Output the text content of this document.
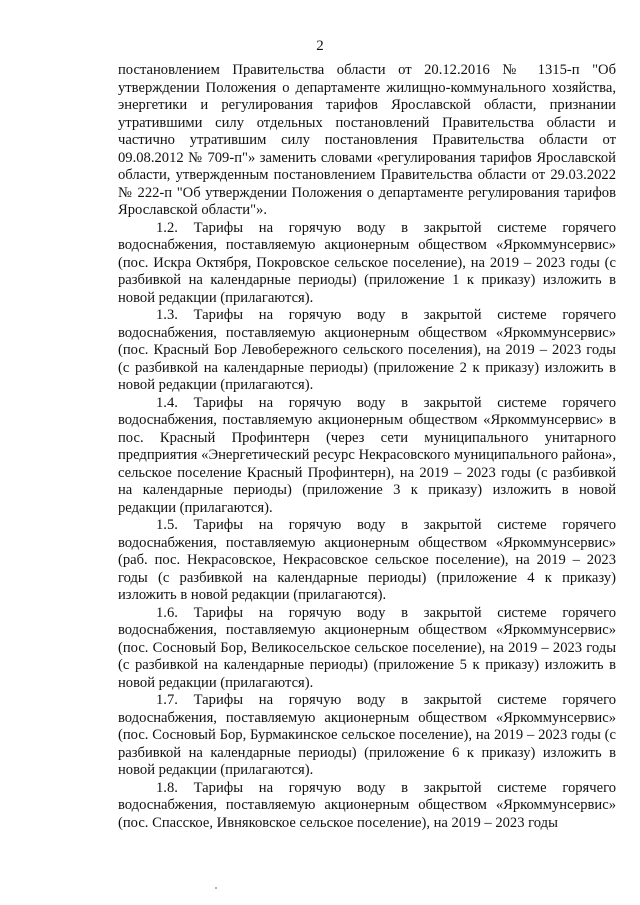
2

постановлением Правительства области от 20.12.2016 № 1315-п "Об утверждении Положения о департаменте жилищно-коммунального хозяйства, энергетики и регулирования тарифов Ярославской области, признании утратившими силу отдельных постановлений Правительства области и частично утратившим силу постановления Правительства области от 09.08.2012 № 709-п"» заменить словами «регулирования тарифов Ярославской области, утвержденным постановлением Правительства области от 29.03.2022 № 222-п "Об утверждении Положения о департаменте регулирования тарифов Ярославской области"».

1.2. Тарифы на горячую воду в закрытой системе горячего водоснабжения, поставляемую акционерным обществом «Яркоммунсервис» (пос. Искра Октября, Покровское сельское поселение), на 2019 – 2023 годы (с разбивкой на календарные периоды) (приложение 1 к приказу) изложить в новой редакции (прилагаются).

1.3. Тарифы на горячую воду в закрытой системе горячего водоснабжения, поставляемую акционерным обществом «Яркоммунсервис» (пос. Красный Бор Левобережного сельского поселения), на 2019 – 2023 годы (с разбивкой на календарные периоды) (приложение 2 к приказу) изложить в новой редакции (прилагаются).

1.4. Тарифы на горячую воду в закрытой системе горячего водоснабжения, поставляемую акционерным обществом «Яркоммунсервис» в пос. Красный Профинтерн (через сети муниципального унитарного предприятия «Энергетический ресурс Некрасовского муниципального района», сельское поселение Красный Профинтерн), на 2019 – 2023 годы (с разбивкой на календарные периоды) (приложение 3 к приказу) изложить в новой редакции (прилагаются).

1.5. Тарифы на горячую воду в закрытой системе горячего водоснабжения, поставляемую акционерным обществом «Яркоммунсервис» (раб. пос. Некрасовское, Некрасовское сельское поселение), на 2019 – 2023 годы (с разбивкой на календарные периоды) (приложение 4 к приказу) изложить в новой редакции (прилагаются).

1.6. Тарифы на горячую воду в закрытой системе горячего водоснабжения, поставляемую акционерным обществом «Яркоммунсервис» (пос. Сосновый Бор, Великосельское сельское поселение), на 2019 – 2023 годы (с разбивкой на календарные периоды) (приложение 5 к приказу) изложить в новой редакции (прилагаются).

1.7. Тарифы на горячую воду в закрытой системе горячего водоснабжения, поставляемую акционерным обществом «Яркоммунсервис» (пос. Сосновый Бор, Бурмакинское сельское поселение), на 2019 – 2023 годы (с разбивкой на календарные периоды) (приложение 6 к приказу) изложить в новой редакции (прилагаются).

1.8. Тарифы на горячую воду в закрытой системе горячего водоснабжения, поставляемую акционерным обществом «Яркоммунсервис» (пос. Спасское, Ивняковское сельское поселение), на 2019 – 2023 годы
